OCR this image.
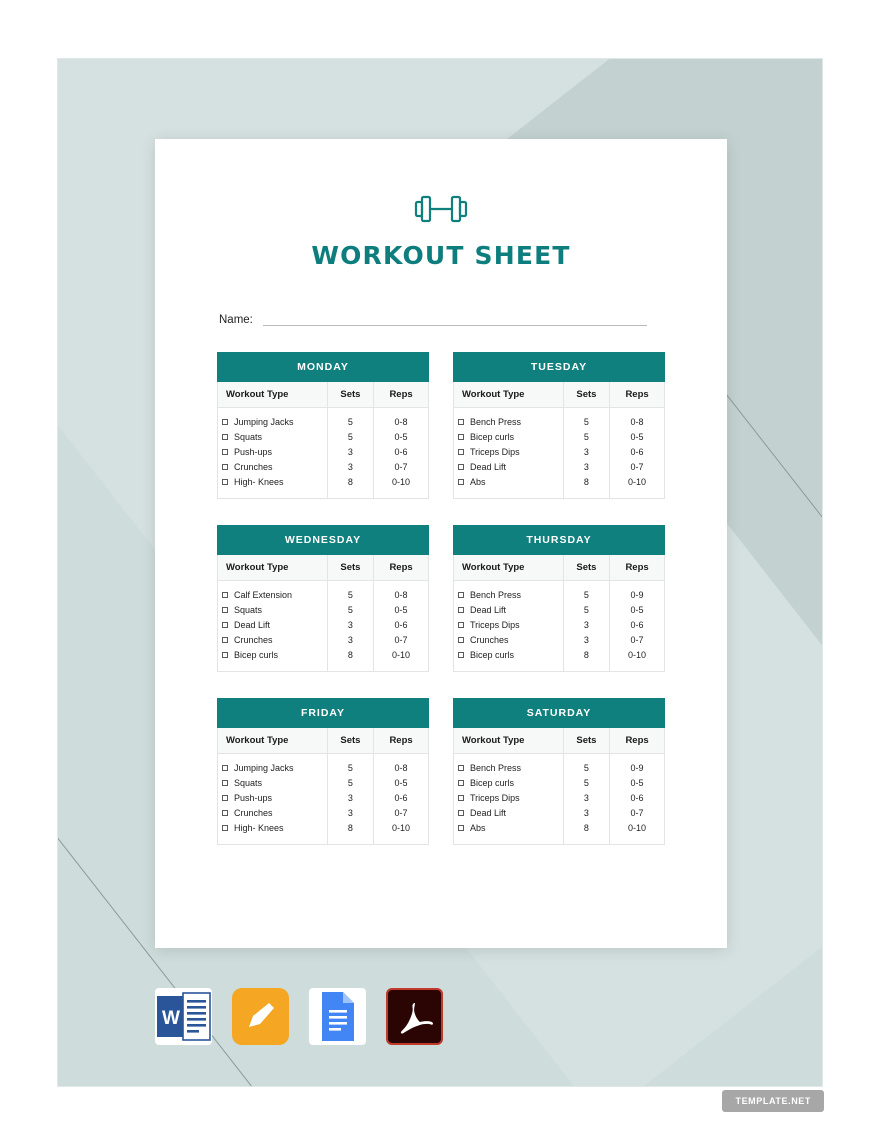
WORKOUT SHEET
Name:
MONDAY
Workout Type	Sets	Reps
Jumping Jacks	5	0-8
Squats	5	0-5
Push-ups	3	0-6
Crunches	3	0-7
High- Knees	8	0-10
TUESDAY
Workout Type	Sets	Reps
Bench Press	5	0-8
Bicep curls	5	0-5
Triceps Dips	3	0-6
Dead Lift	3	0-7
Abs	8	0-10
WEDNESDAY
Workout Type	Sets	Reps
Calf Extension	5	0-8
Squats	5	0-5
Dead Lift	3	0-6
Crunches	3	0-7
Bicep curls	8	0-10
THURSDAY
Workout Type	Sets	Reps
Bench Press	5	0-9
Dead Lift	5	0-5
Triceps Dips	3	0-6
Crunches	3	0-7
Bicep curls	8	0-10
FRIDAY
Workout Type	Sets	Reps
Jumping Jacks	5	0-8
Squats	5	0-5
Push-ups	3	0-6
Crunches	3	0-7
High- Knees	8	0-10
SATURDAY
Workout Type	Sets	Reps
Bench Press	5	0-9
Bicep curls	5	0-5
Triceps Dips	3	0-6
Dead Lift	3	0-7
Abs	8	0-10
W
TEMPLATE.NET
